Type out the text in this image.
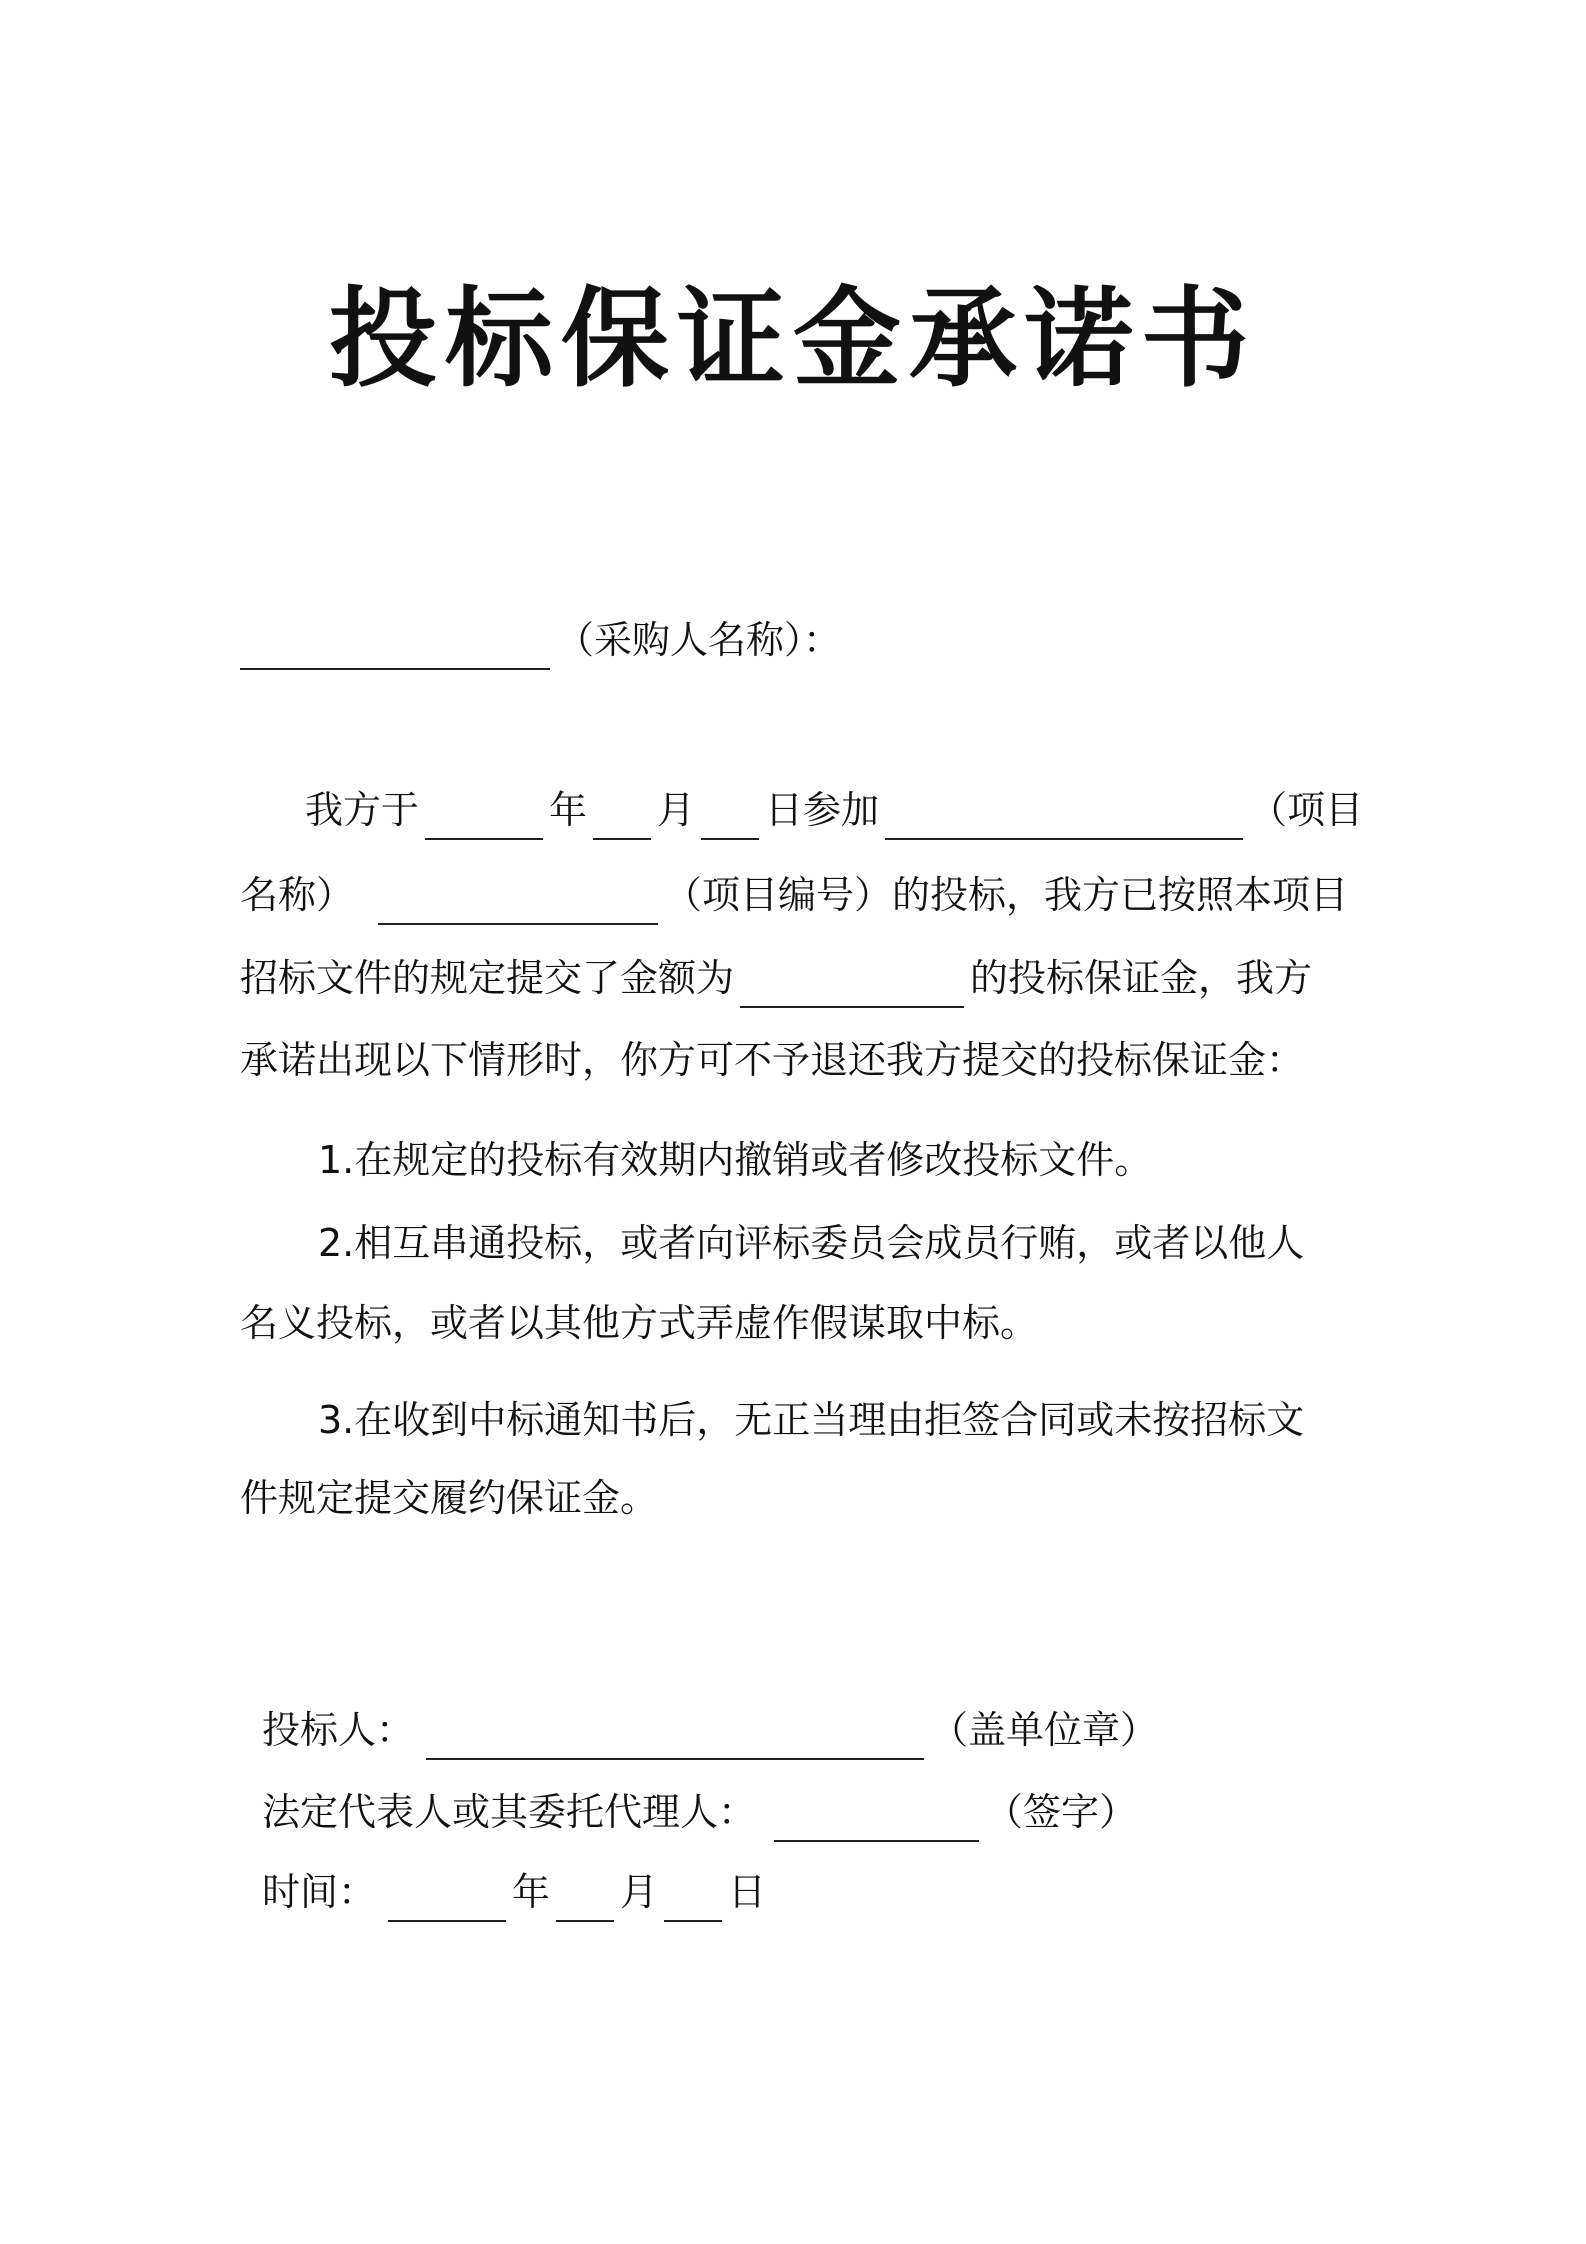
投标保证金承诺书
（采购人名称）：
我方于	年 月 日参加	（项目
名称）	（项目编号）的投标，我方已按照本项目
招标文件的规定提交了金额为	的投标保证金，我方
承诺出现以下情形时，你方可不予退还我方提交的投标保证金：
1.在规定的投标有效期内撤销或者修改投标文件。
2.相互串通投标，或者向评标委员会成员行贿，或者以他人
名义投标，或者以其他方式弄虚作假谋取中标。
3.在收到中标通知书后，无正当理由拒签合同或未按招标文
件规定提交履约保证金。
投标人：	（盖单位章）
法定代表人或其委托代理人：	（签字）
时间：	年 月 日
